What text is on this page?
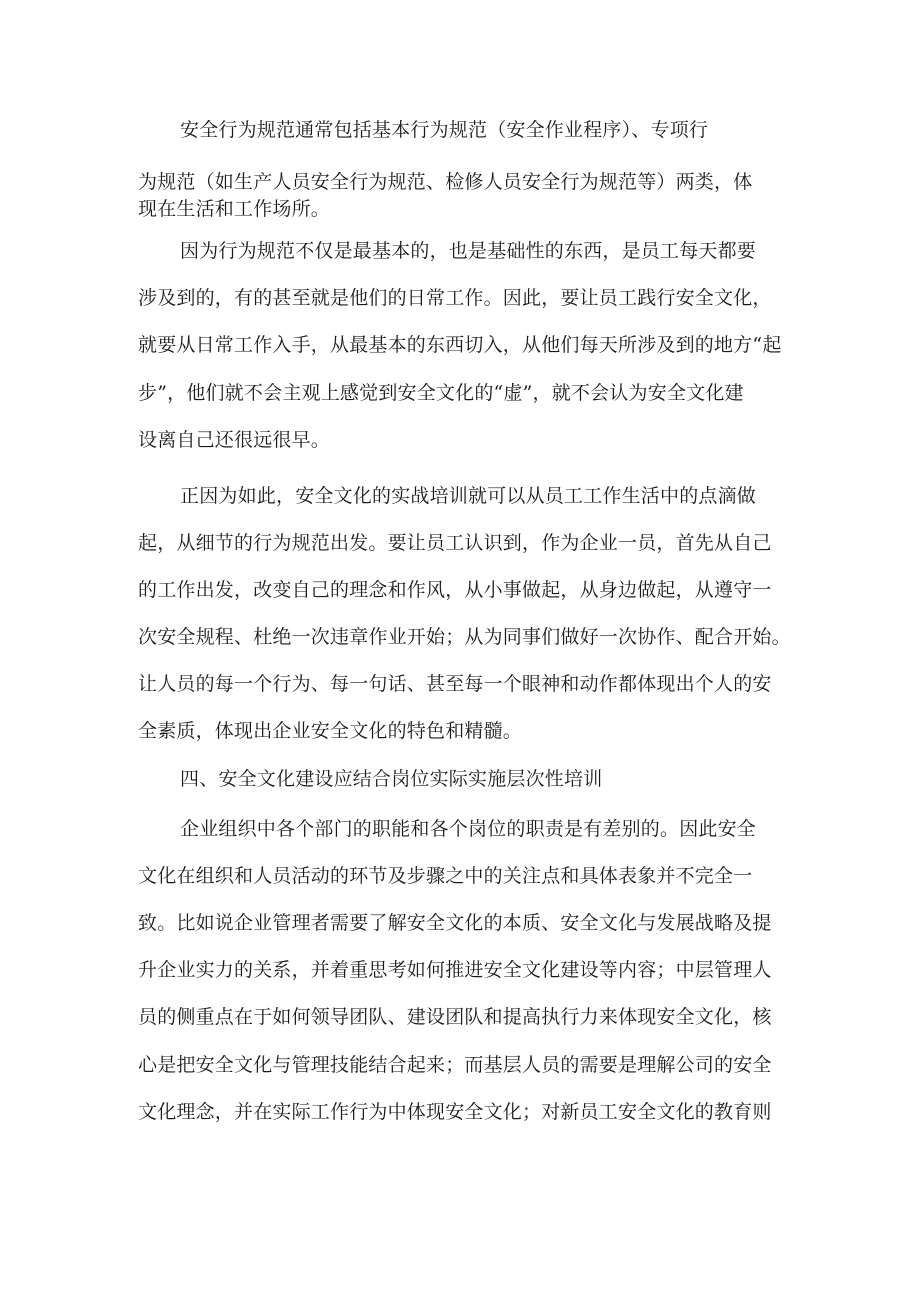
安全行为规范通常包括基本行为规范（安全作业程序）、专项行
为规范（如生产人员安全行为规范、检修人员安全行为规范等）两类，体
现在生活和工作场所。
因为行为规范不仅是最基本的，也是基础性的东西，是员工每天都要
涉及到的，有的甚至就是他们的日常工作。因此，要让员工践行安全文化，
就要从日常工作入手，从最基本的东西切入，从他们每天所涉及到的地方“起
步”，他们就不会主观上感觉到安全文化的“虚”，就不会认为安全文化建
设离自己还很远很早。
正因为如此，安全文化的实战培训就可以从员工工作生活中的点滴做
起，从细节的行为规范出发。要让员工认识到，作为企业一员，首先从自己
的工作出发，改变自己的理念和作风，从小事做起，从身边做起，从遵守一
次安全规程、杜绝一次违章作业开始；从为同事们做好一次协作、配合开始。
让人员的每一个行为、每一句话、甚至每一个眼神和动作都体现出个人的安
全素质，体现出企业安全文化的特色和精髓。
四、安全文化建设应结合岗位实际实施层次性培训
企业组织中各个部门的职能和各个岗位的职责是有差别的。因此安全
文化在组织和人员活动的环节及步骤之中的关注点和具体表象并不完全一
致。比如说企业管理者需要了解安全文化的本质、安全文化与发展战略及提
升企业实力的关系，并着重思考如何推进安全文化建设等内容；中层管理人
员的侧重点在于如何领导团队、建设团队和提高执行力来体现安全文化，核
心是把安全文化与管理技能结合起来；而基层人员的需要是理解公司的安全
文化理念，并在实际工作行为中体现安全文化；对新员工安全文化的教育则
